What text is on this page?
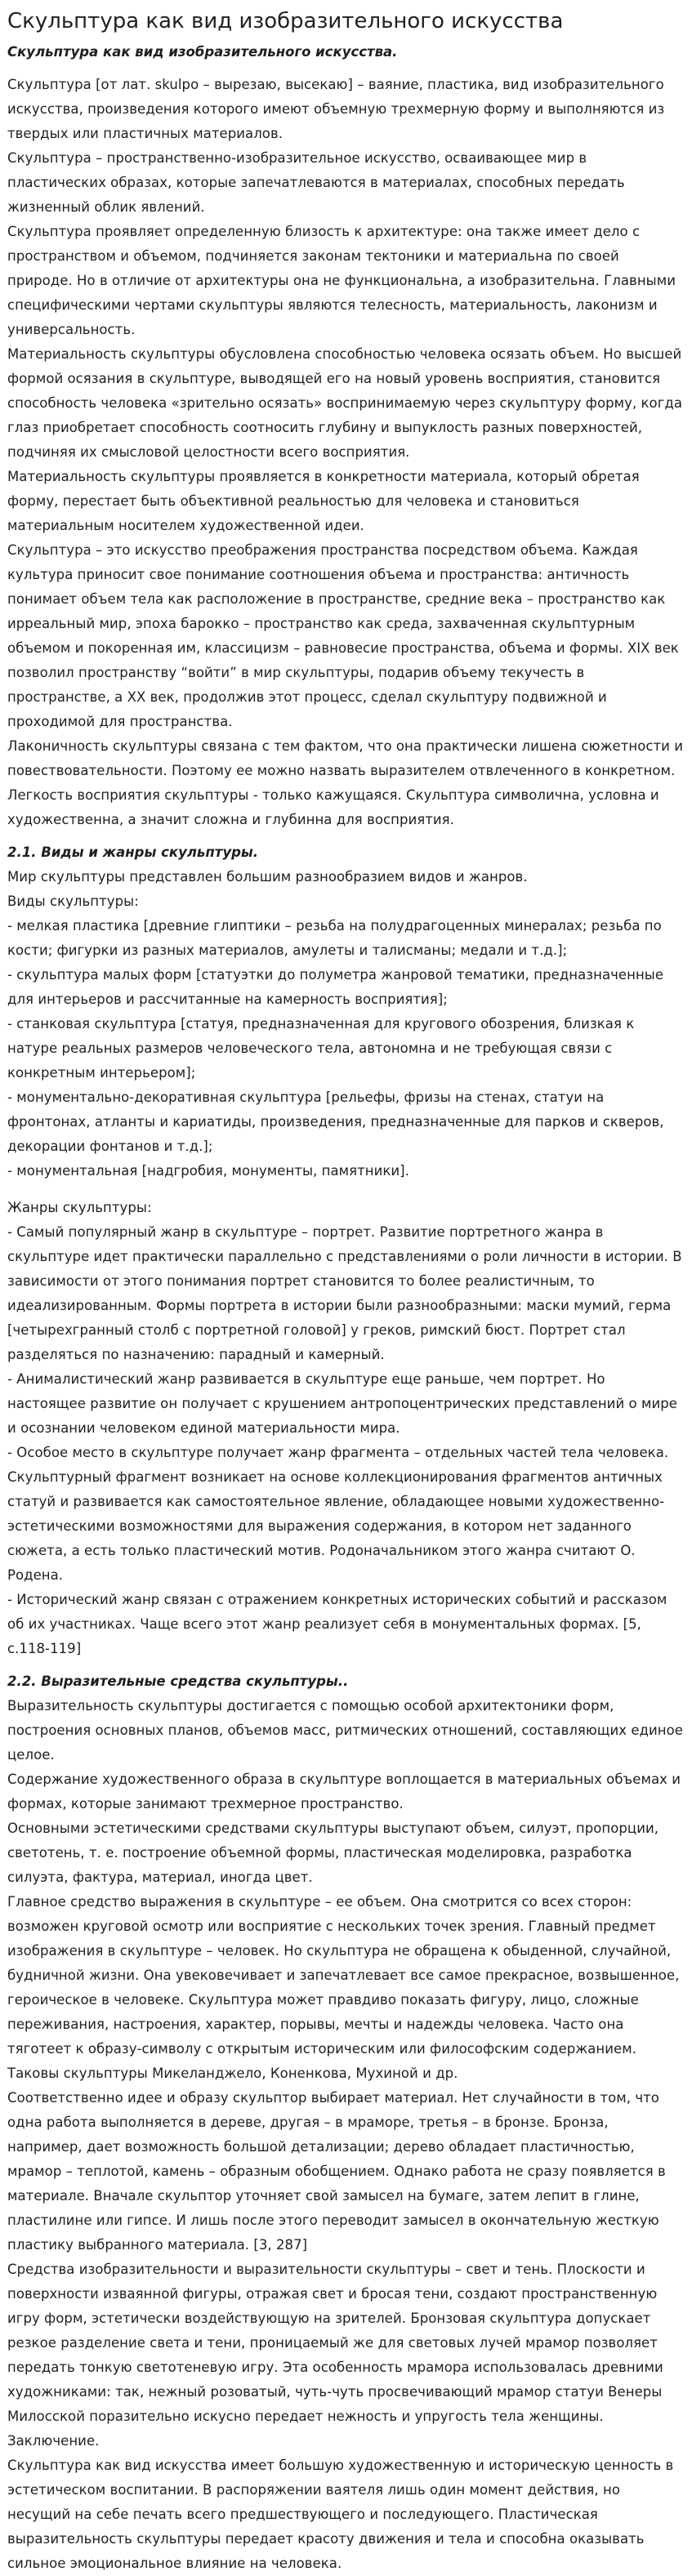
Скульптура как вид изобразительного искусства
Скульптура как вид изобразительного искусства.

Скульптура [от лат. skulpo – вырезаю, высекаю] – ваяние, пластика, вид изобразительного искусства, произведения которого имеют объемную трехмерную форму и выполняются из твердых или пластичных материалов.

Скульптура – пространственно-изобразительное искусство, осваивающее мир в пластических образах, которые запечатлеваются в материалах, способных передать жизненный облик явлений.

Скульптура проявляет определенную близость к архитектуре: она также имеет дело с пространством и объемом, подчиняется законам тектоники и материальна по своей природе. Но в отличие от архитектуры она не функциональна, а изобразительна. Главными специфическими чертами скульптуры являются телесность, материальность, лаконизм и универсальность.

Материальность скульптуры обусловлена способностью человека осязать объем. Но высшей формой осязания в скульптуре, выводящей его на новый уровень восприятия, становится способность человека «зрительно осязать» воспринимаемую через скульптуру форму, когда глаз приобретает способность соотносить глубину и выпуклость разных поверхностей, подчиняя их смысловой целостности всего восприятия.

Материальность скульптуры проявляется в конкретности материала, который обретая форму, перестает быть объективной реальностью для человека и становиться материальным носителем художественной идеи.

Скульптура – это искусство преображения пространства посредством объема. Каждая культура приносит свое понимание соотношения объема и пространства: античность понимает объем тела как расположение в пространстве, средние века – пространство как ирреальный мир, эпоха барокко – пространство как среда, захваченная скульптурным объемом и покоренная им, классицизм – равновесие пространства, объема и формы. XIX век позволил пространству “войти” в мир скульптуры, подарив объему текучесть в пространстве, а XX век, продолжив этот процесс, сделал скульптуру подвижной и проходимой для пространства.

Лаконичность скульптуры связана с тем фактом, что она практически лишена сюжетности и повествовательности. Поэтому ее можно назвать выразителем отвлеченного в конкретном. Легкость восприятия скульптуры - только кажущаяся. Скульптура символична, условна и художественна, а значит сложна и глубинна для восприятия.

2.1. Виды и жанры скульптуры.

Мир скульптуры представлен большим разнообразием видов и жанров.

Виды скульптуры:

- мелкая пластика [древние глиптики – резьба на полудрагоценных минералах; резьба по кости; фигурки из разных материалов, амулеты и талисманы; медали и т.д.];

- скульптура малых форм [статуэтки до полуметра жанровой тематики, предназначенные для интерьеров и рассчитанные на камерность восприятия];

- станковая скульптура [статуя, предназначенная для кругового обозрения, близкая к натуре реальных размеров человеческого тела, автономна и не требующая связи с конкретным интерьером];

- монументально-декоративная скульптура [рельефы, фризы на стенах, статуи на фронтонах, атланты и кариатиды, произведения, предназначенные для парков и скверов, декорации фонтанов и т.д.];

- монументальная [надгробия, монументы, памятники].

Жанры скульптуры:

- Самый популярный жанр в скульптуре – портрет. Развитие портретного жанра в скульптуре идет практически параллельно с представлениями о роли личности в истории. В зависимости от этого понимания портрет становится то более реалистичным, то идеализированным. Формы портрета в истории были разнообразными: маски мумий, герма [четырехгранный столб с портретной головой] у греков, римский бюст. Портрет стал разделяться по назначению: парадный и камерный.

- Анималистический жанр развивается в скульптуре еще раньше, чем портрет. Но настоящее развитие он получает с крушением антропоцентрических представлений о мире и осознании человеком единой материальности мира.

- Особое место в скульптуре получает жанр фрагмента – отдельных частей тела человека. Скульптурный фрагмент возникает на основе коллекционирования фрагментов античных статуй и развивается как самостоятельное явление, обладающее новыми художественно-эстетическими возможностями для выражения содержания, в котором нет заданного сюжета, а есть только пластический мотив. Родоначальником этого жанра считают О. Родена.

- Исторический жанр связан с отражением конкретных исторических событий и рассказом об их участниках. Чаще всего этот жанр реализует себя в монументальных формах. [5, с.118-119]

2.2. Выразительные средства скульптуры..

Выразительность скульптуры достигается с помощью особой архитектоники форм, построения основных планов, объемов масс, ритмических отношений, составляющих единое целое.

Содержание художественного образа в скульптуре воплощается в материальных объемах и формах, которые занимают трехмерное пространство.

Основными эстетическими средствами скульптуры выступают объем, силуэт, пропорции, светотень, т. е. построение объемной формы, пластическая моделировка, разработка силуэта, фактура, материал, иногда цвет.

Главное средство выражения в скульптуре – ее объем. Она смотрится со всех сторон: возможен круговой осмотр или восприятие с нескольких точек зрения. Главный предмет изображения в скульптуре – человек. Но скульптура не обращена к обыденной, случайной, будничной жизни. Она увековечивает и запечатлевает все самое прекрасное, возвышенное, героическое в человеке. Скульптура может правдиво показать фигуру, лицо, сложные переживания, настроения, характер, порывы, мечты и надежды человека. Часто она тяготеет к образу-символу с открытым историческим или философским содержанием. Таковы скульптуры Микеланджело, Коненкова, Мухиной и др.

Соответственно идее и образу скульптор выбирает материал. Нет случайности в том, что одна работа выполняется в дереве, другая – в мраморе, третья – в бронзе. Бронза, например, дает возможность большой детализации; дерево обладает пластичностью, мрамор – теплотой, камень – образным обобщением. Однако работа не сразу появляется в материале. Вначале скульптор уточняет свой замысел на бумаге, затем лепит в глине, пластилине или гипсе. И лишь после этого переводит замысел в окончательную жесткую пластику выбранного материала. [3, 287]

Средства изобразительности и выразительности скульптуры – свет и тень. Плоскости и поверхности изваянной фигуры, отражая свет и бросая тени, создают пространственную игру форм, эстетически воздействующую на зрителей. Бронзовая скульптура допускает резкое разделение света и тени, проницаемый же для световых лучей мрамор позволяет передать тонкую светотеневую игру. Эта особенность мрамора использовалась древними художниками: так, нежный розоватый, чуть-чуть просвечивающий мрамор статуи Венеры Милосской поразительно искусно передает нежность и упругость тела женщины.

Заключение.

Скульптура как вид искусства имеет большую художественную и историческую ценность в эстетическом воспитании. В распоряжении ваятеля лишь один момент действия, но несущий на себе печать всего предшествующего и последующего. Пластическая выразительность скульптуры передает красоту движения и тела и способна оказывать сильное эмоциональное влияние на человека.
